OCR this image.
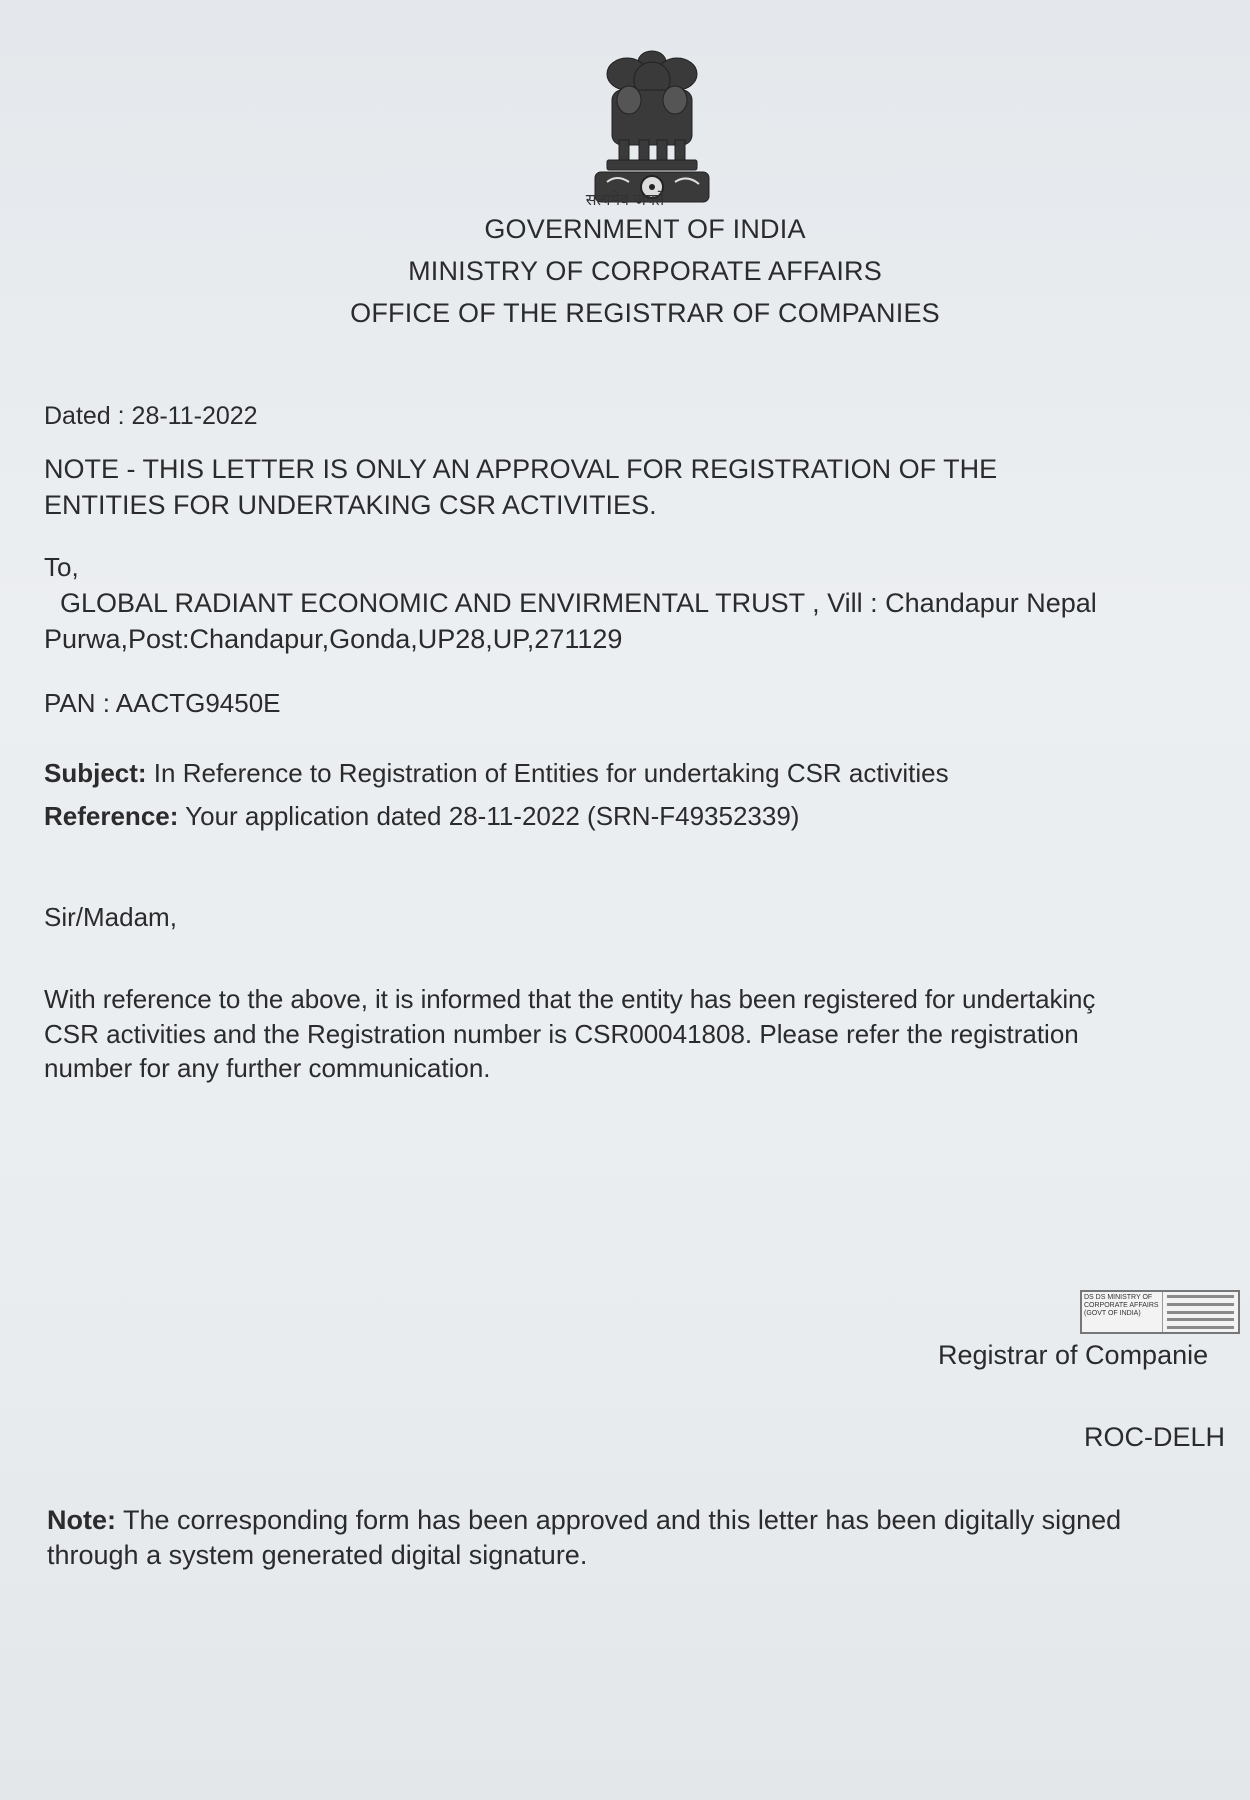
सत्यमेव जयते
GOVERNMENT OF INDIA
MINISTRY OF CORPORATE AFFAIRS
OFFICE OF THE REGISTRAR OF COMPANIES
Dated : 28-11-2022
NOTE - THIS LETTER IS ONLY AN APPROVAL FOR REGISTRATION OF THE
ENTITIES FOR UNDERTAKING CSR ACTIVITIES.
To,
GLOBAL RADIANT ECONOMIC AND ENVIRMENTAL TRUST , Vill : Chandapur Nepal
Purwa,Post:Chandapur,Gonda,UP28,UP,271129
PAN : AACTG9450E
Subject: In Reference to Registration of Entities for undertaking CSR activities
Reference: Your application dated 28-11-2022 (SRN-F49352339)
Sir/Madam,
With reference to the above, it is informed that the entity has been registered for undertakinç
CSR activities and the Registration number is CSR00041808. Please refer the registration
number for any further communication.
DS DS MINISTRY OF CORPORATE AFFAIRS (GOVT OF INDIA)
Registrar of Companie
ROC-DELH
Note: The corresponding form has been approved and this letter has been digitally signed
through a system generated digital signature.
